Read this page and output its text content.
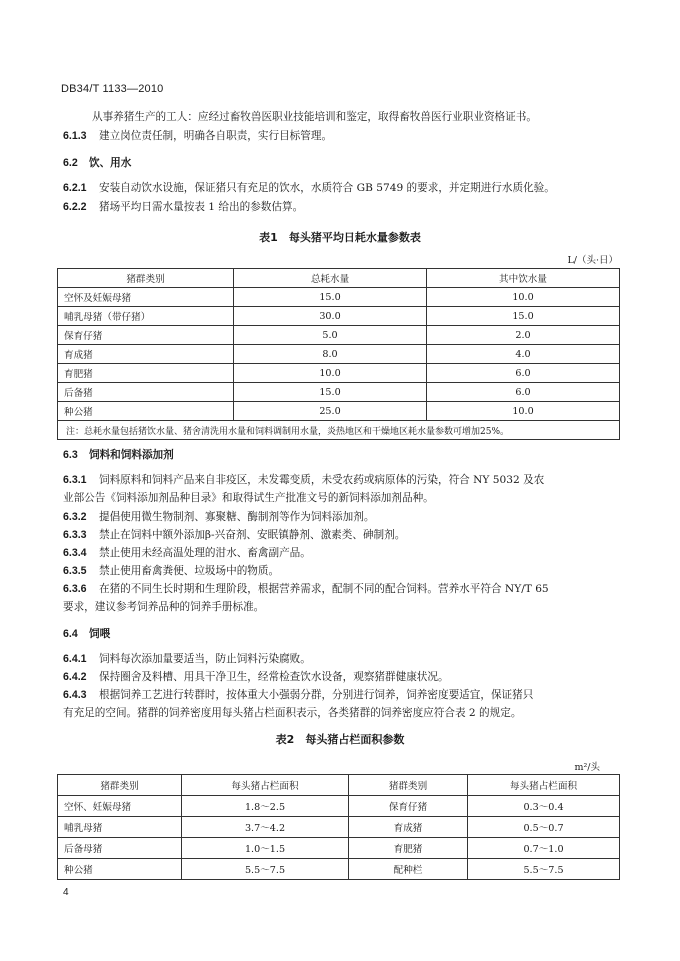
DB34/T 1133—2010
从事养猪生产的工人：应经过畜牧兽医职业技能培训和鉴定，取得畜牧兽医行业职业资格证书。
6.1.3 建立岗位责任制，明确各自职责，实行目标管理。
6.2 饮、用水
6.2.1 安装自动饮水设施，保证猪只有充足的饮水，水质符合 GB 5749 的要求，并定期进行水质化验。
6.2.2 猪场平均日需水量按表 1 给出的参数估算。
表1　每头猪平均日耗水量参数表
L/（头·日）
猪群类别	总耗水量	其中饮水量
空怀及妊娠母猪	15.0	10.0
哺乳母猪（带仔猪）	30.0	15.0
保育仔猪	5.0	2.0
育成猪	8.0	4.0
育肥猪	10.0	6.0
后备猪	15.0	6.0
种公猪	25.0	10.0
注：总耗水量包括猪饮水量、猪舍清洗用水量和饲料调制用水量，炎热地区和干燥地区耗水量参数可增加25%。		
6.3 饲料和饲料添加剂
6.3.1 饲料原料和饲料产品来自非疫区，未发霉变质，未受农药或病原体的污染，符合 NY 5032 及农
业部公告《饲料添加剂品种目录》和取得试生产批准文号的新饲料添加剂品种。
6.3.2 提倡使用微生物制剂、寡聚糖、酶制剂等作为饲料添加剂。
6.3.3 禁止在饲料中额外添加β-兴奋剂、安眠镇静剂、激素类、砷制剂。
6.3.4 禁止使用未经高温处理的泔水、畜禽副产品。
6.3.5 禁止使用畜禽粪便、垃圾场中的物质。
6.3.6 在猪的不同生长时期和生理阶段，根据营养需求，配制不同的配合饲料。营养水平符合 NY/T 65
要求，建议参考饲养品种的饲养手册标准。
6.4 饲喂
6.4.1 饲料每次添加量要适当，防止饲料污染腐败。
6.4.2 保持圈舍及料槽、用具干净卫生，经常检查饮水设备，观察猪群健康状况。
6.4.3 根据饲养工艺进行转群时，按体重大小强弱分群，分别进行饲养，饲养密度要适宜，保证猪只
有充足的空间。猪群的饲养密度用每头猪占栏面积表示，各类猪群的饲养密度应符合表 2 的规定。
表2　每头猪占栏面积参数
m²/头
猪群类别	每头猪占栏面积	猪群类别	每头猪占栏面积
空怀、妊娠母猪	1.8～2.5	保育仔猪	0.3～0.4
哺乳母猪	3.7～4.2	育成猪	0.5～0.7
后备母猪	1.0～1.5	育肥猪	0.7～1.0
种公猪	5.5～7.5	配种栏	5.5～7.5
4
